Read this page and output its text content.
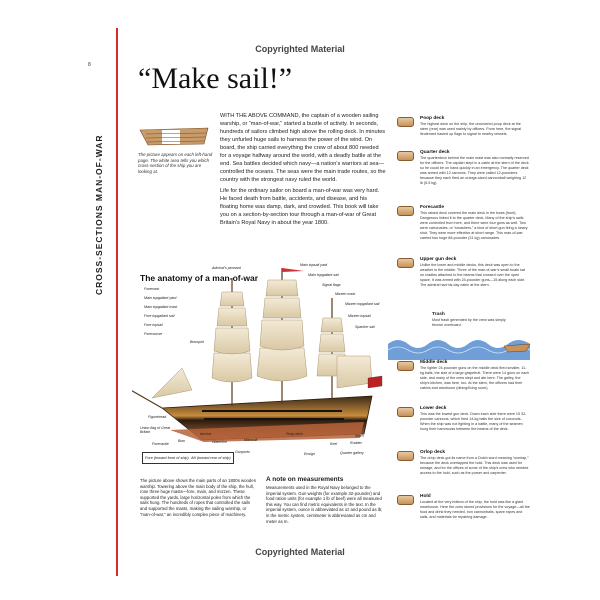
CROSS-SECTIONS MAN-OF-WAR
8
Copyrighted Material
Copyrighted Material
“Make sail!”
The picture appears on each left-hand page. The white area tells you which cross-section of the ship you are looking at.

WITH THE ABOVE COMMAND, the captain of a wooden sailing warship, or “man-of-war,” started a bustle of activity. In seconds, hundreds of sailors climbed high above the rolling deck. In minutes they unfurled huge sails to harness the power of the wind. On board, the ship carried everything the crew of about 800 needed for a voyage halfway around the world, with a deadly battle at the end. Sea battles decided which navy—a nation’s warriors at sea—controlled the oceans. The seas were the main trade routes, so the country with the strongest navy ruled the world.

Life for the ordinary sailor on board a man-of-war was very hard. He faced death from battle, accidents, and disease, and his floating home was damp, dark, and crowded. This book will take you on a section-by-section tour through a man-of-war of Great Britain’s Royal Navy in about the year 1800.

The anatomy of a man-of-war
Admiral’s pennant
Main topsail yard
Main topgallant sail
Signal flags
Mizzen mast
Mizzen topgallant sail
Mizzen topsail
Spanker sail
Foremast
Main topgallant yard
Main topgallant mast
Fore topgallant sail
Fore topsail
Forecourse
Bowsprit
Figurehead
Union flag of Great Britain
Forecastle
Bow
Anchor
Waterline	Mainsail
Gunports
Poop deck
Ensign
Keel
Stern
Rudder
Quarter gallery
Fore (toward front of ship) Aft (toward rear of ship)
The picture above shows the main parts of an 1800s wooden warship. Towering above the main body of the ship, the hull, rose three huge masts—fore, main, and mizzen. These supported the yards, large horizontal poles from which the sails hung. The hundreds of ropes that controlled the sails and supported the masts, making the sailing warship, or “man-of-war,” an incredibly complex piece of machinery.
A note on measurements
Measurements used in the Royal Navy belonged to the imperial system. Gun weights (for example 32-pounder) and food ration units (for example 1 lb of beef) were all measured this way. You can find metric equivalents in the text. In the imperial system, ounce is abbreviated as oz and pound as lb; in the metric system, centimeter is abbreviated as cm and meter as m.
Poop deck

The highest deck on the ship, the uncovered poop deck at the stern (rear) was used mainly by officers. From here, the signal lieutenant hauled up flags to signal to nearby vessels.

Quarter deck

The quarterdeck behind the main mast was also normally reserved for the officers. The captain slept in a cabin at the stern of the deck so he could be on hand quickly in an emergency. The quarter deck was armed with 12 cannons. They were called 12-pounders because they each fired an orange-sized cannonball weighing 12 lb (5.5 kg).

Forecastle

This raised deck covered the main deck in the bows (front). Dangerous linked it to the quarter deck. Many of the ship’s sails were controlled from here, and there were four guns as well. Two were carronades, or “smashers,” a kind of short gun firing a heavy shot. They were more effective at short range. This man-of-war carried two huge 68-pounder (31 kg) carronades.

Upper gun deck

Unlike the lower and middle decks, this deck was open to the weather in the middle. Three of the man-of-war’s small boats sat on cradles attached to the beams that crossed over the open space. It was armed with 24-pounder guns—15 along each side. The admiral had his day cabin at the stern.

Trash
Most trash generated by the crew was simply thrown overboard.
Middle deck

The lighter 24-pounder guns on the middle deck fired smaller, 11-kg balls, the size of a large grapefruit. There were 14 guns on each side, and many of the crew slept and ate here. The galley, the ship’s kitchen, was here, too. At the stern, the officers had their cabins and wardroom (dining/living room).

Lower deck

This was the lowest gun deck. Down each side there were 15 32-pounder cannons, which fired 14-kg balls the size of coconuts. When the ship was not fighting in a battle, many of the seamen hung their hammocks between the beams of the deck.

Orlop deck

The orlop deck got its name from a Dutch word meaning “overlap,” because the deck overlapped the hold. This deck was used for storage, and for the offices of some of the ship’s crew who needed access to the hold, such as the purser and carpenter.

Hold

Located at the very bottom of the ship, the hold was like a giant warehouse. Here the crew stored provisions for the voyage—all the food and drink they needed, iron cannonballs, spare ropes and sails, and materials for repairing damage.
